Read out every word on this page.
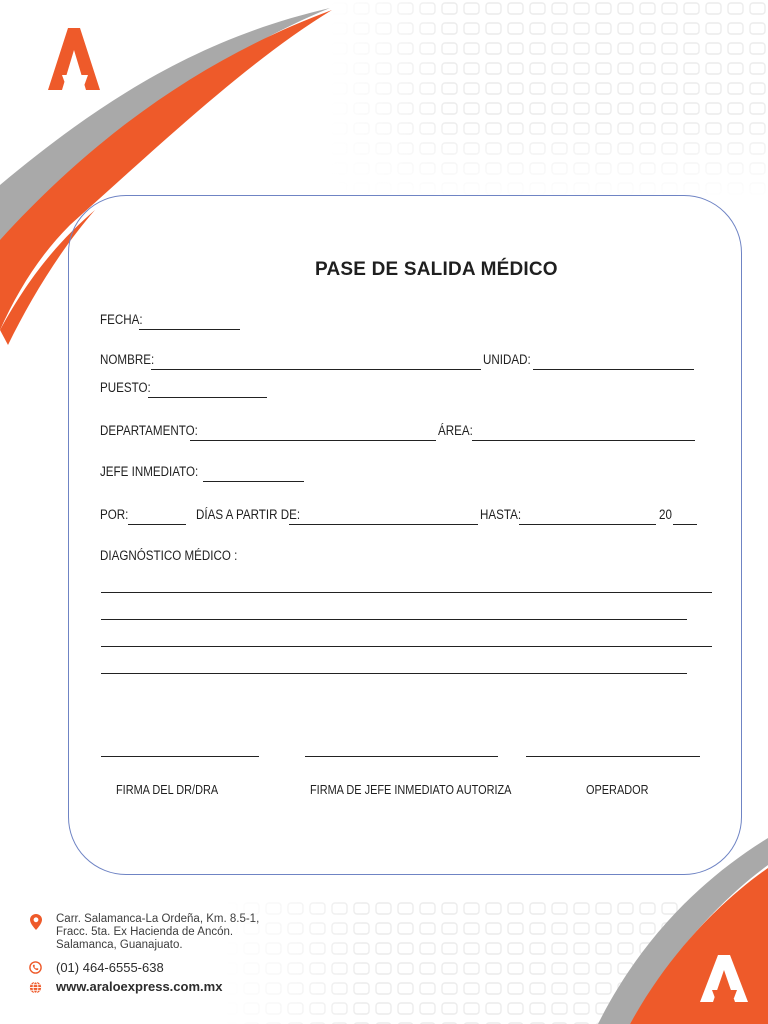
PASE DE SALIDA MÉDICO
FECHA:
NOMBRE:	UNIDAD:
PUESTO:
DEPARTAMENTO:	ÁREA:
JEFE INMEDIATO:
POR:	DÍAS A PARTIR DE:	HASTA:	20
DIAGNÓSTICO MÉDICO :
FIRMA DEL DR/DRA	FIRMA DE JEFE INMEDIATO AUTORIZA	OPERADOR
Carr. Salamanca-La Ordeña, Km. 8.5-1,
Fracc. 5ta. Ex Hacienda de Ancón.
Salamanca, Guanajuato.
(01) 464-6555-638
www.araloexpress.com.mx
